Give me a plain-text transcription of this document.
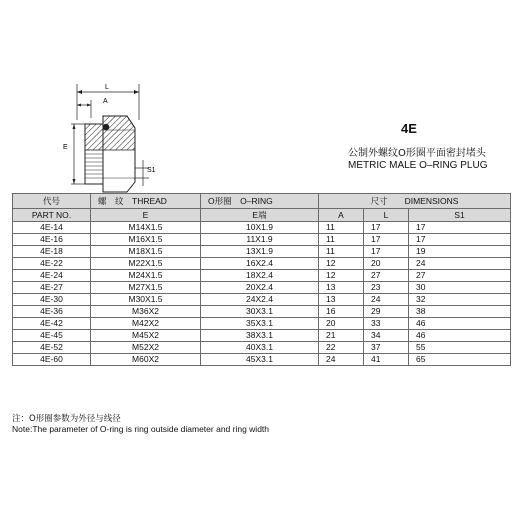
L
A
E
S1
4E
公制外螺纹O形圈平面密封堵头
METRIC MALE O–RING PLUG
代号	螺　纹　THREAD	O形圈　O–RING	尺寸　　DIMENSIONS		
PART NO.	E	E端	A	L	S1
4E-14	M14X1.5	10X1.9	11	17	17
4E-16	M16X1.5	11X1.9	11	17	17
4E-18	M18X1.5	13X1.9	11	17	19
4E-22	M22X1.5	16X2.4	12	20	24
4E-24	M24X1.5	18X2.4	12	27	27
4E-27	M27X1.5	20X2.4	13	23	30
4E-30	M30X1.5	24X2.4	13	24	32
4E-36	M36X2	30X3.1	16	29	38
4E-42	M42X2	35X3.1	20	33	46
4E-45	M45X2	38X3.1	21	34	46
4E-52	M52X2	40X3.1	22	37	55
4E-60	M60X2	45X3.1	24	41	65
注：O形圈参数为外径与线径
Note:The parameter of O-ring is ring outside diameter and ring width
